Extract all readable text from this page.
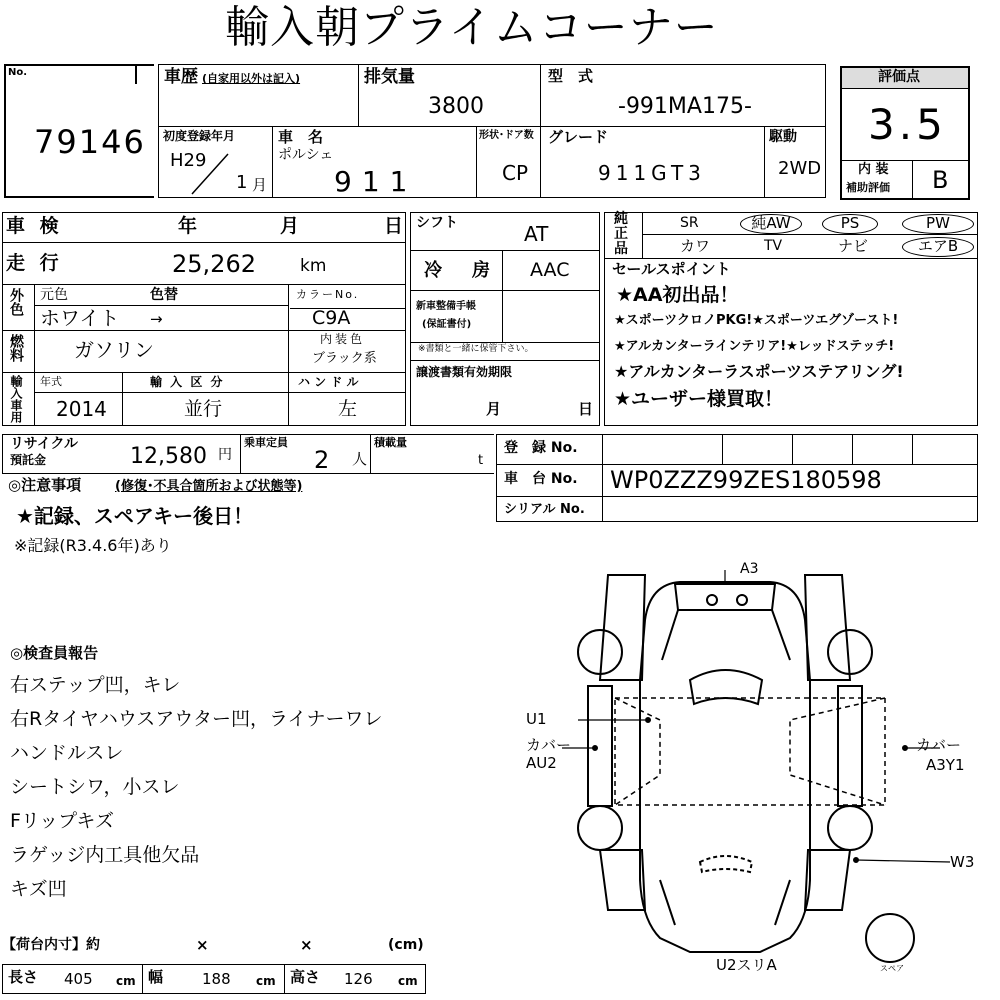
輸入朝プライムコーナー
No.
79146
車歴 (自家用以外は記入)	排気量
3800
型　式
-991MA175-
初度登録年月
H29
1 月
車　名
ポルシェ
911
形状･ドア数
CP
グレード
911GT3
駆動
2WD
評価点
3.5
内 装
補助評価 B
車 検	年	月	日
走 行	25,262	km
外色 元色	色替
ホワイト →
カラーNo.
C9A
燃料	ガソリン	内装色
ブラック系
輸入車用 年式
2014
輸 入 区 分
並行
ハ ン ド ル
左
シフト	AT
冷　房 AAC
新車整備手帳
(保証書付)
※書類と一緒に保管下さい。
譲渡書類有効期限
月	日
純
正
品
SR	純AW	PS	PW
カワ	TV	ナビ	エアB
セールスポイント
★AA初出品！
★スポーツクロノPKG!★スポーツエグゾースト!
★アルカンターラインテリア!★レッドステッチ!
★アルカンターラスポーツステアリング!
★ユーザー様買取！
リサイクル
預託金	12,580 円
乗車定員
2 人
積載量
t
登　録 No.
車　台 No. WP0ZZZ99ZES180598
シリアル No.
◎注意事項	(修復･不具合箇所および状態等)
★記録、スペアキー後日！
※記録(R3.4.6年)あり
◎検査員報告
右ステップ凹，キレ
右Rタイヤハウスアウター凹，ライナーワレ
ハンドルスレ
シートシワ，小スレ
Fリップキズ
ラゲッジ内工具他欠品
キズ凹
【荷台内寸】約	×	×	(cm)
長さ 405 cm 幅	188 cm 高さ 126 cm
A3
U1
カバー
AU2
カバー
A3Y1
W3
U2スリA	スペア
